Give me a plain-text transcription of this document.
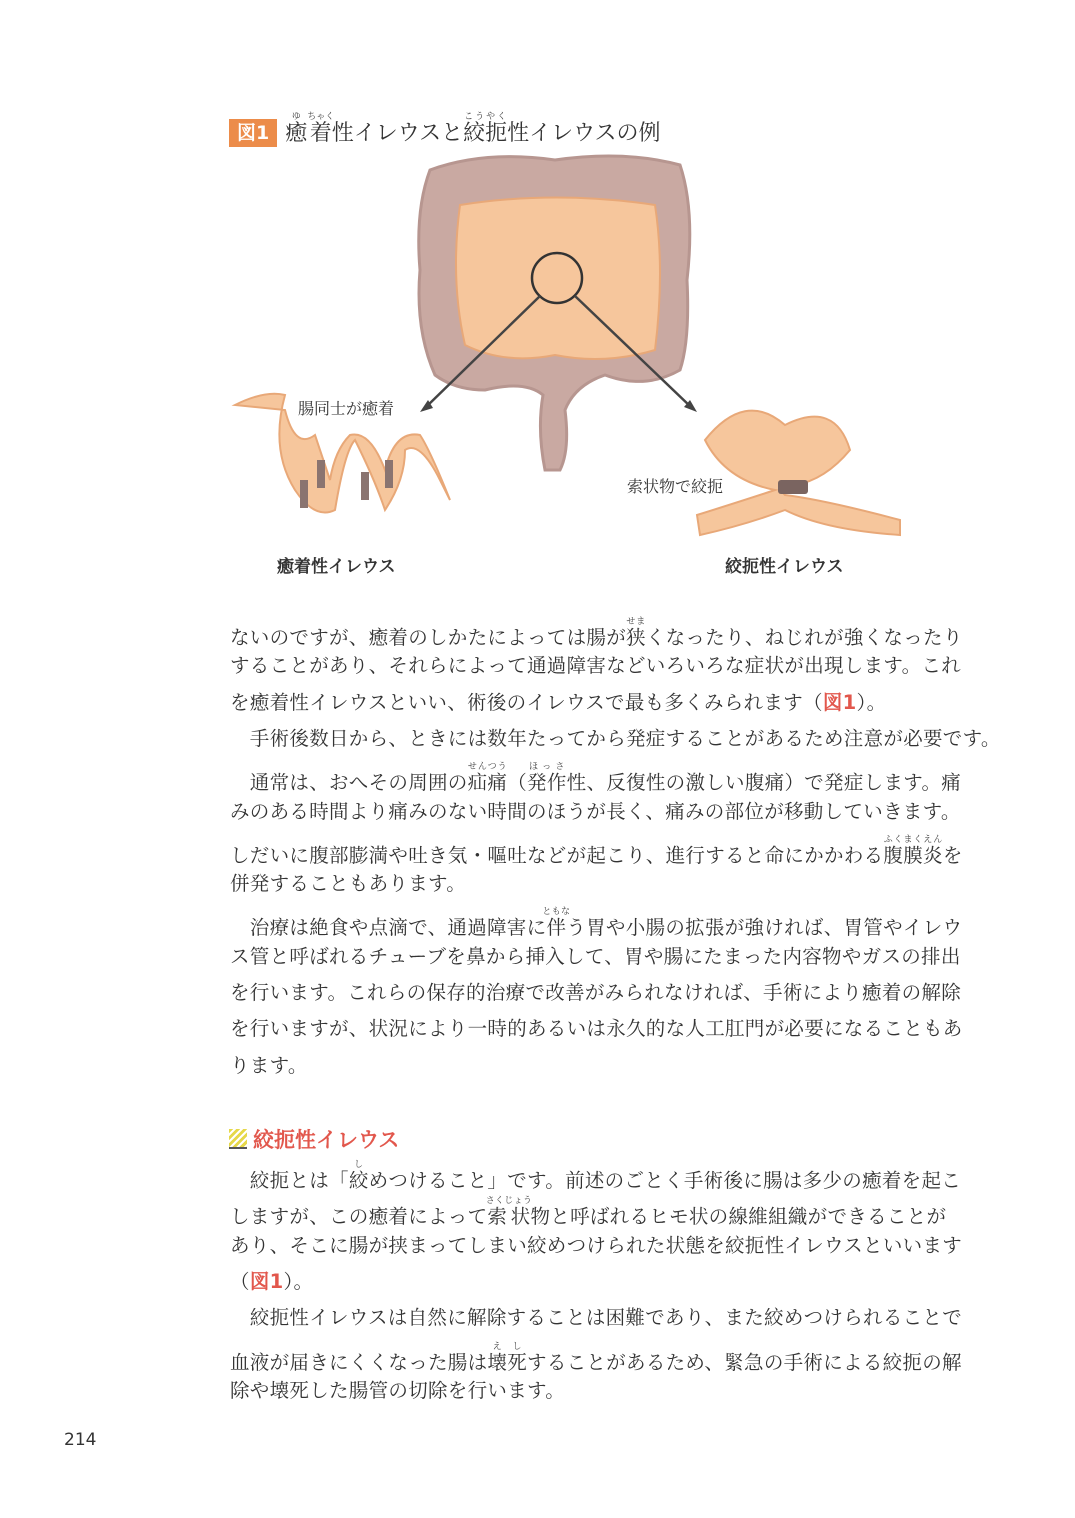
図1 癒ゆ着ちゃく性イレウスと絞扼こうやく性イレウスの例
腸同士が癒着
癒着性イレウス
索状物で絞扼
絞扼性イレウス
ないのですが、癒着のしかたによっては腸が狭せまくなったり、ねじれが強くなったり
することがあり、それらによって通過障害などいろいろな症状が出現します。これ
を癒着性イレウスといい、術後のイレウスで最も多くみられます（図1）。
　手術後数日から、ときには数年たってから発症することがあるため注意が必要です。
　通常は、おへその周囲の疝痛せんつう（発作ほっさ性、反復性の激しい腹痛）で発症します。痛
みのある時間より痛みのない時間のほうが長く、痛みの部位が移動していきます。
しだいに腹部膨満や吐き気・嘔吐などが起こり、進行すると命にかかわる腹膜炎ふくまくえんを
併発することもあります。
　治療は絶食や点滴で、通過障害に伴ともなう胃や小腸の拡張が強ければ、胃管やイレウ
ス管と呼ばれるチューブを鼻から挿入して、胃や腸にたまった内容物やガスの排出
を行います。これらの保存的治療で改善がみられなければ、手術により癒着の解除
を行いますが、状況により一時的あるいは永久的な人工肛門が必要になることもあ
ります。
絞扼性イレウス
　絞扼とは「絞しめつけること」です。前述のごとく手術後に腸は多少の癒着を起こ
しますが、この癒着によって索状さくじょう物と呼ばれるヒモ状の線維組織ができることが
あり、そこに腸が挟まってしまい絞めつけられた状態を絞扼性イレウスといいます
（図1）。
　絞扼性イレウスは自然に解除することは困難であり、また絞めつけられることで
血液が届きにくくなった腸は壊死えしすることがあるため、緊急の手術による絞扼の解
除や壊死した腸管の切除を行います。
214
